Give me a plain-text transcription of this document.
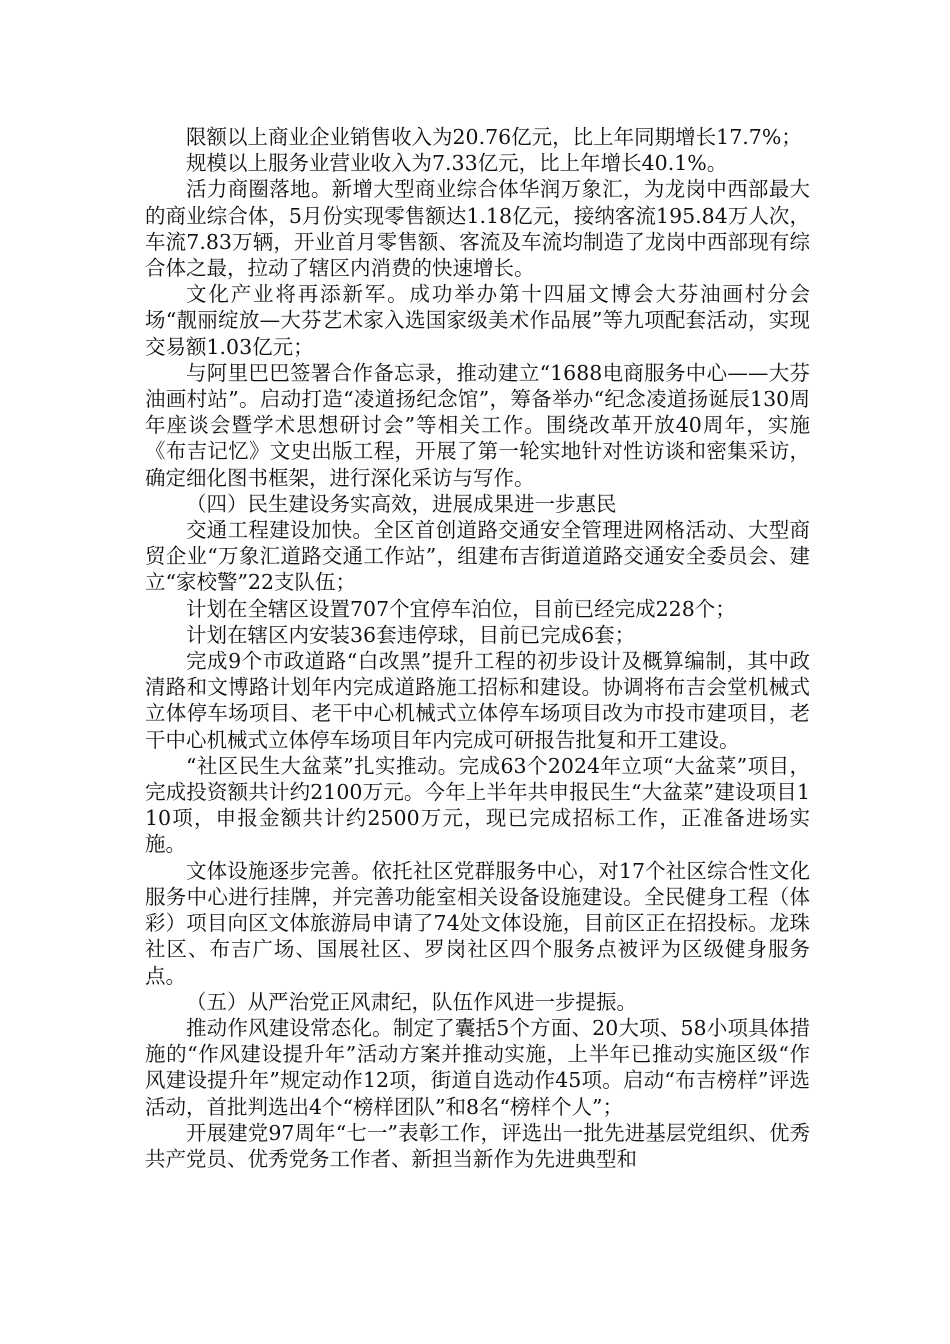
限额以上商业企业销售收入为20.76亿元，比上年同期增长17.7%；

规模以上服务业营业收入为7.33亿元，比上年增长40.1%。

活力商圈落地。新增大型商业综合体华润万象汇，为龙岗中西部最大的商业综合体，5月份实现零售额达1.18亿元，接纳客流195.84万人次，车流7.83万辆，开业首月零售额、客流及车流均制造了龙岗中西部现有综合体之最，拉动了辖区内消费的快速增长。

文化产业将再添新军。成功举办第十四届文博会大芬油画村分会场“靓丽绽放—大芬艺术家入选国家级美术作品展”等九项配套活动，实现交易额1.03亿元；

与阿里巴巴签署合作备忘录，推动建立“1688电商服务中心——大芬油画村站”。启动打造“凌道扬纪念馆”，筹备举办“纪念凌道扬诞辰130周年座谈会暨学术思想研讨会”等相关工作。围绕改革开放40周年，实施《布吉记忆》文史出版工程，开展了第一轮实地针对性访谈和密集采访，确定细化图书框架，进行深化采访与写作。

（四）民生建设务实高效，进展成果进一步惠民

交通工程建设加快。全区首创道路交通安全管理进网格活动、大型商贸企业“万象汇道路交通工作站”，组建布吉街道道路交通安全委员会、建立“家校警”22支队伍；

计划在全辖区设置707个宜停车泊位，目前已经完成228个；

计划在辖区内安装36套违停球，目前已完成6套；

完成9个市政道路“白改黑”提升工程的初步设计及概算编制，其中政清路和文博路计划年内完成道路施工招标和建设。协调将布吉会堂机械式立体停车场项目、老干中心机械式立体停车场项目改为市投市建项目，老干中心机械式立体停车场项目年内完成可研报告批复和开工建设。

“社区民生大盆菜”扎实推动。完成63个2024年立项“大盆菜”项目，完成投资额共计约2100万元。今年上半年共申报民生“大盆菜”建设项目110项，申报金额共计约2500万元，现已完成招标工作，正准备进场实施。

文体设施逐步完善。依托社区党群服务中心，对17个社区综合性文化服务中心进行挂牌，并完善功能室相关设备设施建设。全民健身工程（体彩）项目向区文体旅游局申请了74处文体设施，目前区正在招投标。龙珠社区、布吉广场、国展社区、罗岗社区四个服务点被评为区级健身服务点。

（五）从严治党正风肃纪，队伍作风进一步提振。

推动作风建设常态化。制定了囊括5个方面、20大项、58小项具体措施的“作风建设提升年”活动方案并推动实施，上半年已推动实施区级“作风建设提升年”规定动作12项，街道自选动作45项。启动“布吉榜样”评选活动，首批判选出4个“榜样团队”和8名“榜样个人”；

开展建党97周年“七一”表彰工作，评选出一批先进基层党组织、优秀共产党员、优秀党务工作者、新担当新作为先进典型和
